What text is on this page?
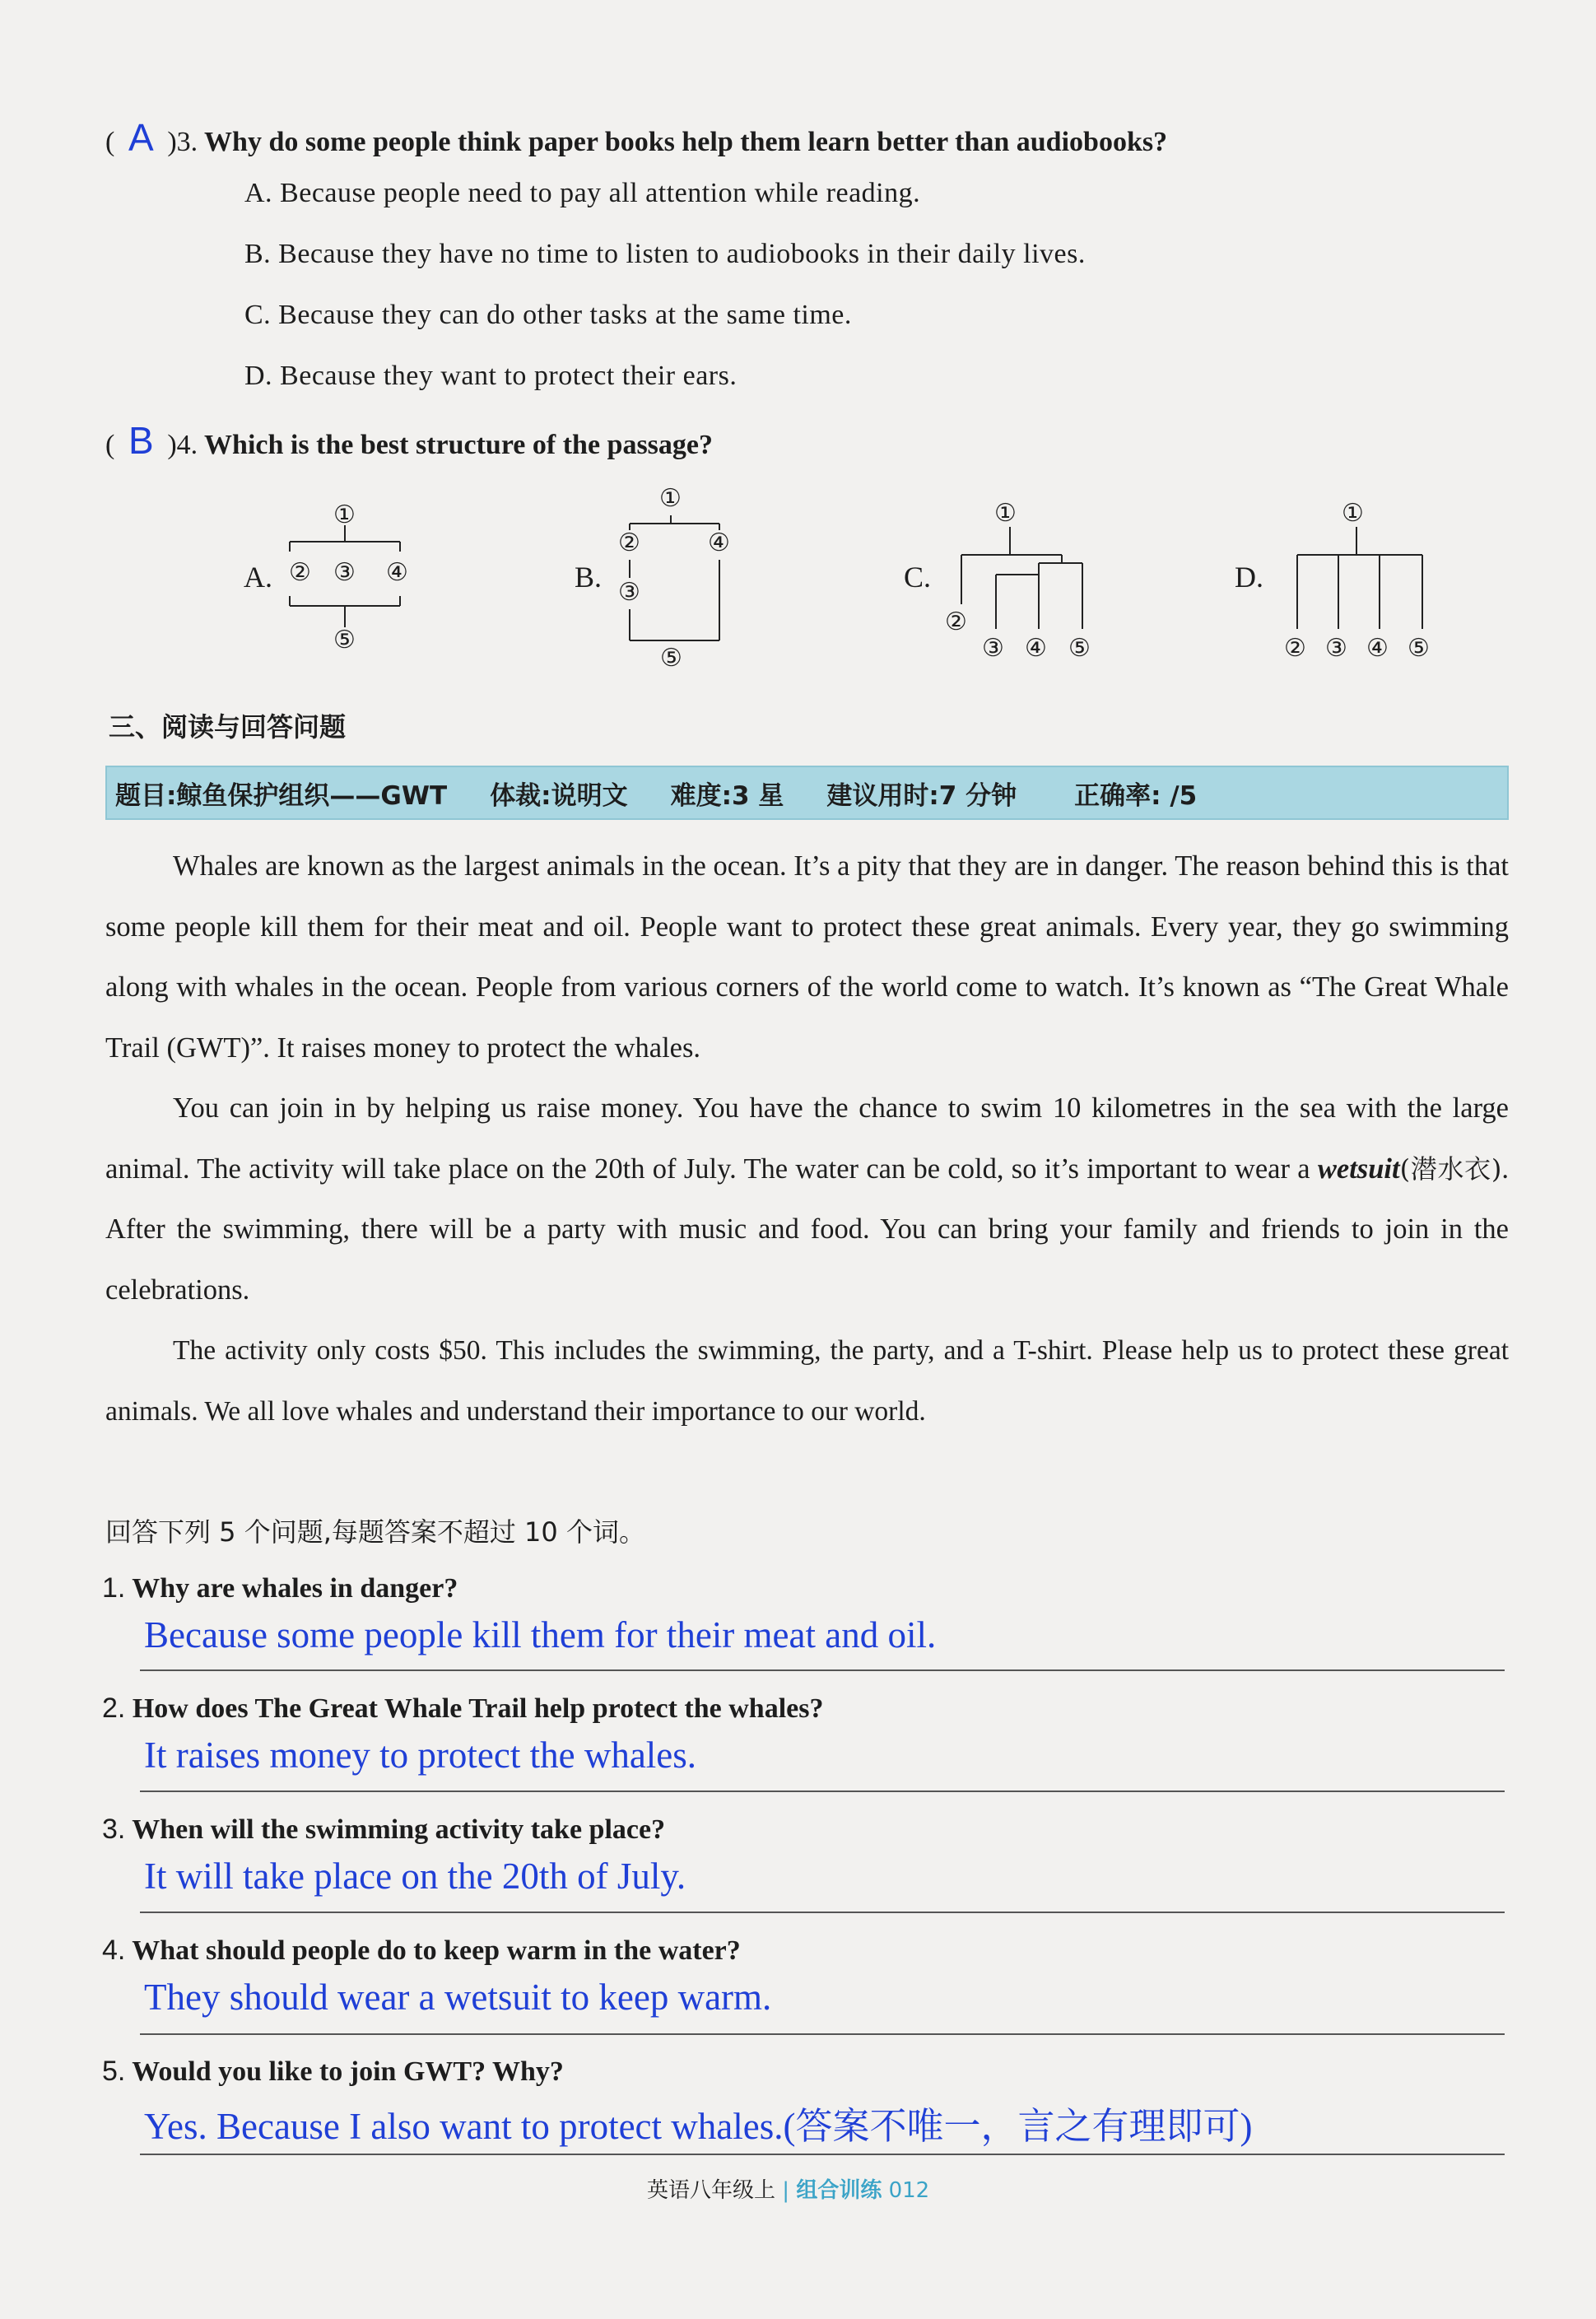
( A )3. Why do some people think paper books help them learn better than audiobooks?
A. Because people need to pay all attention while reading.
B. Because they have no time to listen to audiobooks in their daily lives.
C. Because they can do other tasks at the same time.
D. Because they want to protect their ears.
( B )4. Which is the best structure of the passage?
A.
①
② ③ ④
⑤
B.
①
②	④
③
⑤
C.
①
②
③ ④ ⑤
D.
①
② ③ ④ ⑤
三、阅读与回答问题
题目:鲸鱼保护组织——GWT 体裁:说明文 难度:3 星 建议用时:7 分钟 正确率: /5

Whales are known as the largest animals in the ocean. It’s a pity that they are in danger. The reason behind this is that some people kill them for their meat and oil. People want to protect these great animals. Every year, they go swimming along with whales in the ocean. People from various corners of the world come to watch. It’s known as “The Great Whale Trail (GWT)”. It raises money to protect the whales.

You can join in by helping us raise money. You have the chance to swim 10 kilometres in the sea with the large animal. The activity will take place on the 20th of July. The water can be cold, so it’s important to wear a wetsuit(潜水衣). After the swimming, there will be a party with music and food. You can bring your family and friends to join in the celebrations.

The activity only costs $50. This includes the swimming, the party, and a T-shirt. Please help us to protect these great animals. We all love whales and understand their importance to our world.

回答下列 5 个问题,每题答案不超过 10 个词。
1. Why are whales in danger?
Because some people kill them for their meat and oil.
2. How does The Great Whale Trail help protect the whales?
It raises money to protect the whales.
3. When will the swimming activity take place?
It will take place on the 20th of July.
4. What should people do to keep warm in the water?
They should wear a wetsuit to keep warm.
5. Would you like to join GWT? Why?
Yes. Because I also want to protect whales.(答案不唯一，言之有理即可)
英语八年级上 | 组合训练 012
